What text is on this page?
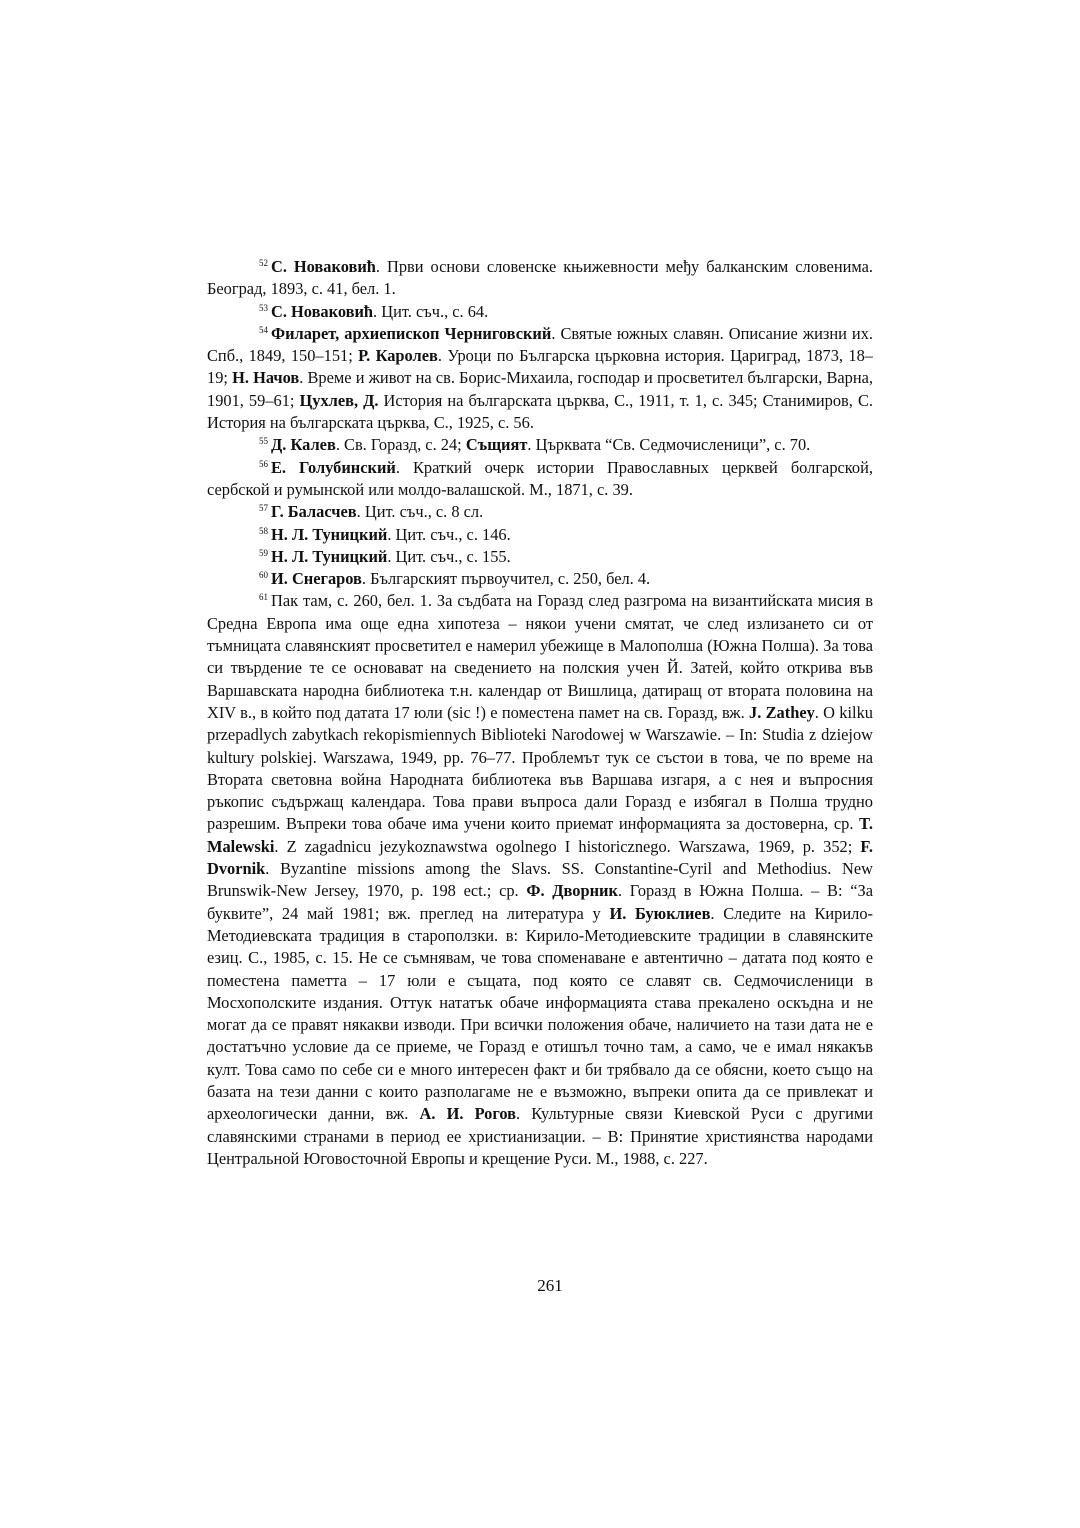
$^{52}$ С. Новаковић. Први основи словенске књижевности међу балканским словенима. Београд, 1893, с. 41, бел. 1.

$^{53}$ С. Новаковић. Цит. съч., с. 64.

$^{54}$ Филарет, архиепископ Черниговский. Святые южных славян. Описание жизни их. Спб., 1849, 150–151; Р. Каролев. Уроци по Българска църковна история. Цариград, 1873, 18–19; Н. Начов. Време и живот на св. Борис-Михаила, господар и просветител български, Варна, 1901, 59–61; Цухлев, Д. История на българската църква, С., 1911, т. 1, с. 345; Станимиров, С. История на българската църква, С., 1925, с. 56.

$^{55}$ Д. Калев. Св. Горазд, с. 24; Същият. Църквата “Св. Седмочисленици”, с. 70.

$^{56}$ Е. Голубинский. Краткий очерк истории Православных церквей болгарской, сербской и румынской или молдо-валашской. М., 1871, с. 39.

$^{57}$ Г. Баласчев. Цит. съч., с. 8 сл.

$^{58}$ Н. Л. Туницкий. Цит. съч., с. 146.

$^{59}$ Н. Л. Туницкий. Цит. съч., с. 155.

$^{60}$ И. Снегаров. Българският първоучител, с. 250, бел. 4.

$^{61}$ Пак там, с. 260, бел. 1. За съдбата на Горазд след разгрома на византийската мисия в Средна Европа има още една хипотеза – някои учени смятат, че след излизането си от тъмницата славянският просветител е намерил убежище в Малополша (Южна Полша). За това си твърдение те се основават на сведението на полския учен Й. Затей, който открива във Варшавската народна библиотека т.н. календар от Вишлица, датиращ от втората половина на XIV в., в който под датата 17 юли (sic !) е поместена памет на св. Горазд, вж. J. Zathey. O kilku przepadlych zabytkach rekopismiennych Biblioteki Narodowej w Warszawie. – In: Studia z dziejow kultury polskiej. Warszawa, 1949, pp. 76–77. Проблемът тук се състои в това, че по време на Втората световна война Народната библиотека във Варшава изгаря, а с нея и въпросния ръкопис съдържащ календара. Това прави въпроса дали Горазд е избягал в Полша трудно разрешим. Въпреки това обаче има учени които приемат информацията за достоверна, ср. T. Malewski. Z zagadnicu jezykoznawstwa ogolnego I historicznego. Warszawa, 1969, p. 352; F. Dvornik. Byzantine missions among the Slavs. SS. Constantine-Cyril and Methodius. New Brunswik-New Jersey, 1970, p. 198 ect.; ср. Ф. Дворник. Горазд в Южна Полша. – В: “За буквите”, 24 май 1981; вж. преглед на литература у И. Буюклиев. Следите на Кирило-Методиевската традиция в староползки. в: Кирило-Методиевските традиции в славянските езиц. С., 1985, с. 15. Не се съмнявам, че това споменаване е автентично – датата под която е поместена паметта – 17 юли е същата, под която се славят св. Седмочисленици в Мосхополските издания. Оттук нататък обаче информацията става прекалено оскъдна и не могат да се правят някакви изводи. При всички положения обаче, наличието на тази дата не е достатъчно условие да се приеме, че Горазд е отишъл точно там, а само, че е имал някакъв култ. Това само по себе си е много интересен факт и би трябвало да се обясни, което също на базата на тези данни с които разполагаме не е възможно, въпреки опита да се привлекат и археологически данни, вж. А. И. Рогов. Культурные связи Киевской Руси с другими славянскими странами в период ее христианизации. – В: Принятие християнства народами Центральной Юговосточной Европы и крещение Руси. М., 1988, с. 227.

261
